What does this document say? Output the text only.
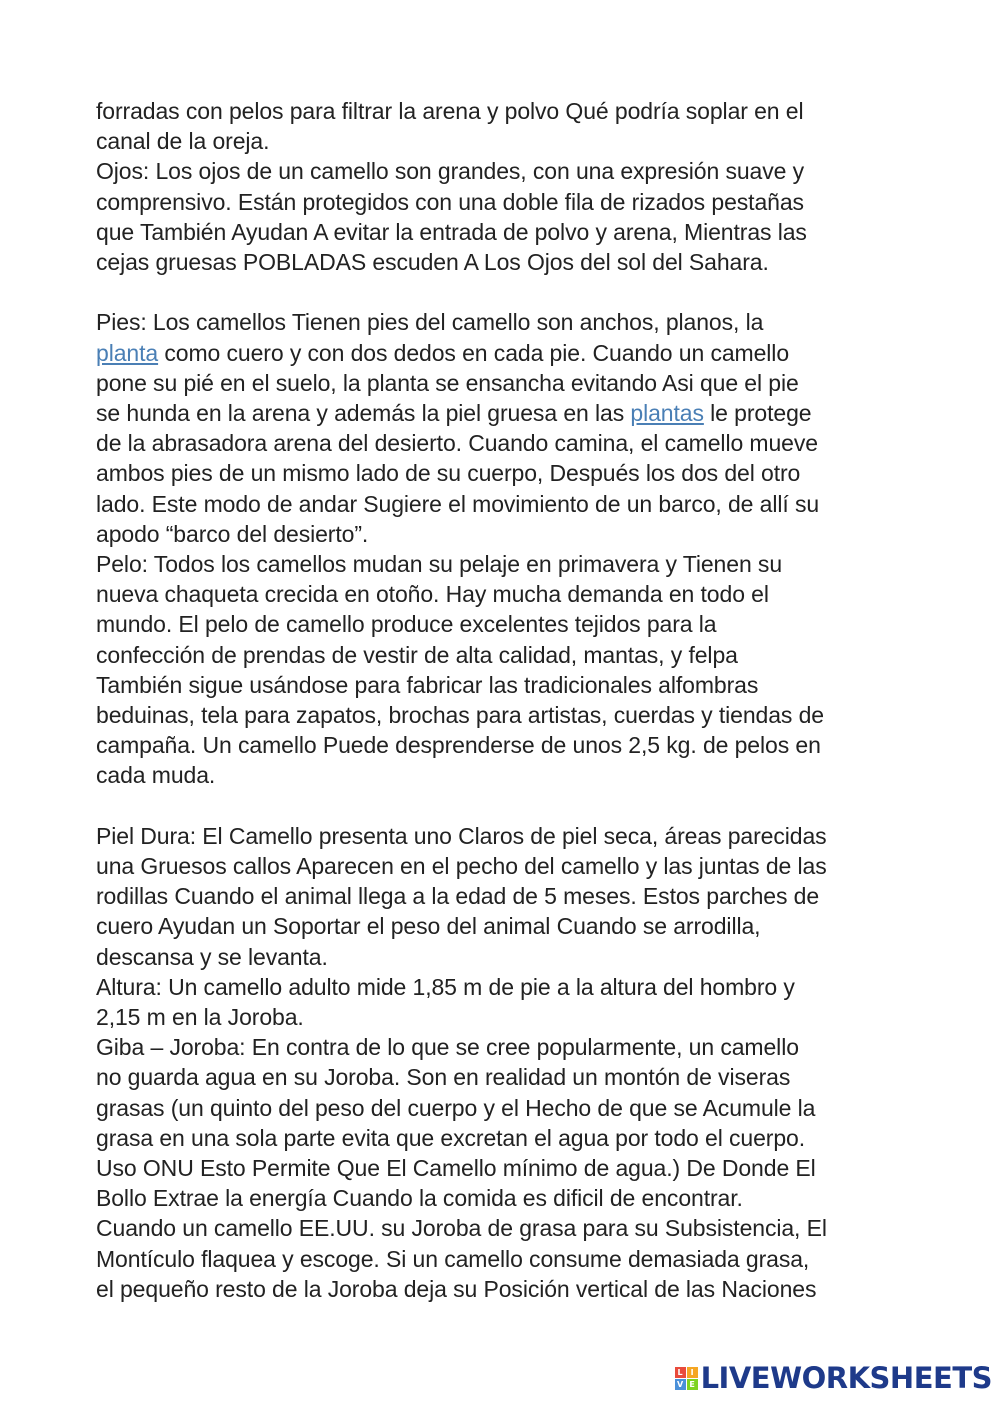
forradas con pelos para filtrar la arena y polvo Qué podría soplar en el
canal de la oreja.
Ojos: Los ojos de un camello son grandes, con una expresión suave y
comprensivo. Están protegidos con una doble fila de rizados pestañas
que También Ayudan A evitar la entrada de polvo y arena, Mientras las
cejas gruesas POBLADAS escuden A Los Ojos del sol del Sahara.
Pies: Los camellos Tienen pies del camello son anchos, planos, la
planta como cuero y con dos dedos en cada pie. Cuando un camello
pone su pié en el suelo, la planta se ensancha evitando Asi que el pie
se hunda en la arena y además la piel gruesa en las plantas le protege
de la abrasadora arena del desierto. Cuando camina, el camello mueve
ambos pies de un mismo lado de su cuerpo, Después los dos del otro
lado. Este modo de andar Sugiere el movimiento de un barco, de allí su
apodo “barco del desierto”.
Pelo: Todos los camellos mudan su pelaje en primavera y Tienen su
nueva chaqueta crecida en otoño. Hay mucha demanda en todo el
mundo. El pelo de camello produce excelentes tejidos para la
confección de prendas de vestir de alta calidad, mantas, y felpa
También sigue usándose para fabricar las tradicionales alfombras
beduinas, tela para zapatos, brochas para artistas, cuerdas y tiendas de
campaña. Un camello Puede desprenderse de unos 2,5 kg. de pelos en
cada muda.
Piel Dura: El Camello presenta uno Claros de piel seca, áreas parecidas
una Gruesos callos Aparecen en el pecho del camello y las juntas de las
rodillas Cuando el animal llega a la edad de 5 meses. Estos parches de
cuero Ayudan un Soportar el peso del animal Cuando se arrodilla,
descansa y se levanta.
Altura: Un camello adulto mide 1,85 m de pie a la altura del hombro y
2,15 m en la Joroba.
Giba – Joroba: En contra de lo que se cree popularmente, un camello
no guarda agua en su Joroba. Son en realidad un montón de viseras
grasas (un quinto del peso del cuerpo y el Hecho de que se Acumule la
grasa en una sola parte evita que excretan el agua por todo el cuerpo.
Uso ONU Esto Permite Que El Camello mínimo de agua.) De Donde El
Bollo Extrae la energía Cuando la comida es dificil de encontrar.
Cuando un camello EE.UU. su Joroba de grasa para su Subsistencia, El
Montículo flaquea y escoge. Si un camello consume demasiada grasa,
el pequeño resto de la Joroba deja su Posición vertical de las Naciones
L I
V E LIVEWORKSHEETS
